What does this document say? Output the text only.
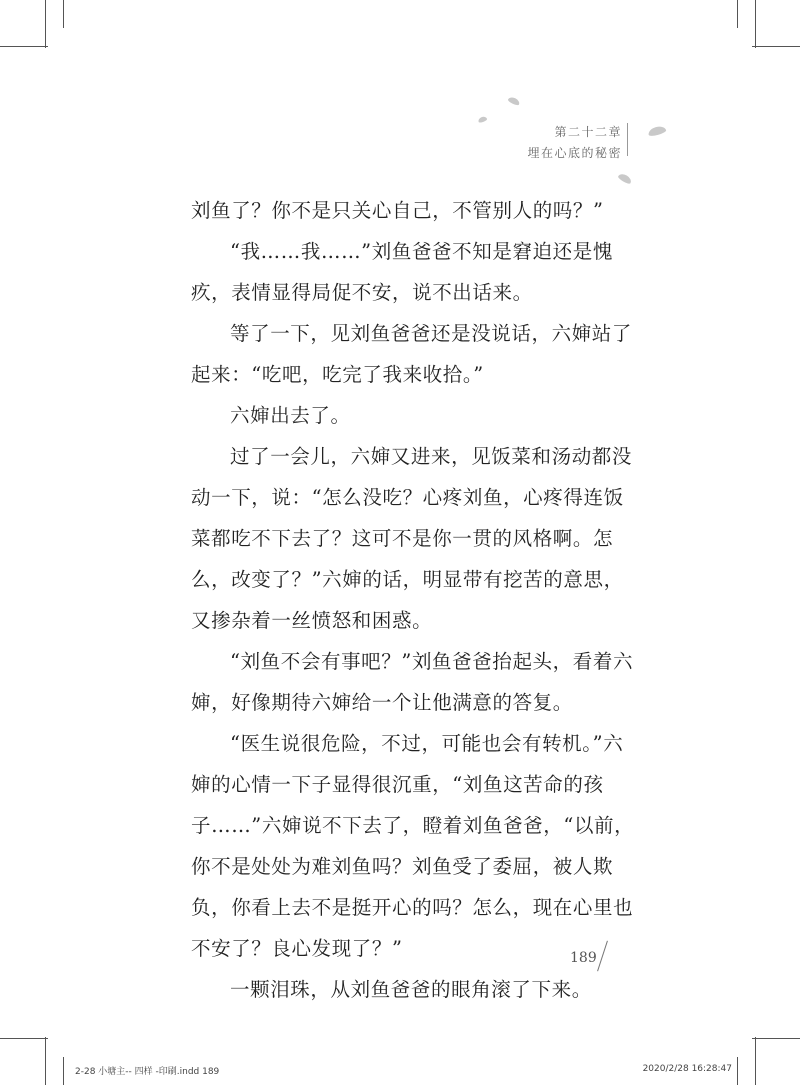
第二十二章
埋在心底的秘密

刘鱼了？你不是只关心自己，不管别人的吗？”

“我……我……”刘鱼爸爸不知是窘迫还是愧疚，表情显得局促不安，说不出话来。

等了一下，见刘鱼爸爸还是没说话，六婶站了起来：“吃吧，吃完了我来收拾。”

六婶出去了。

过了一会儿，六婶又进来，见饭菜和汤动都没动一下，说：“怎么没吃？心疼刘鱼，心疼得连饭菜都吃不下去了？这可不是你一贯的风格啊。怎么，改变了？”六婶的话，明显带有挖苦的意思，又掺杂着一丝愤怒和困惑。

“刘鱼不会有事吧？”刘鱼爸爸抬起头，看着六婶，好像期待六婶给一个让他满意的答复。

“医生说很危险，不过，可能也会有转机。”六婶的心情一下子显得很沉重，“刘鱼这苦命的孩子……”六婶说不下去了，瞪着刘鱼爸爸，“以前，你不是处处为难刘鱼吗？刘鱼受了委屈，被人欺负，你看上去不是挺开心的吗？怎么，现在心里也不安了？良心发现了？”

一颗泪珠，从刘鱼爸爸的眼角滚了下来。

189
2-28 小塘主-- 四样 -印刷.indd 189	2020/2/28 16:28:47
